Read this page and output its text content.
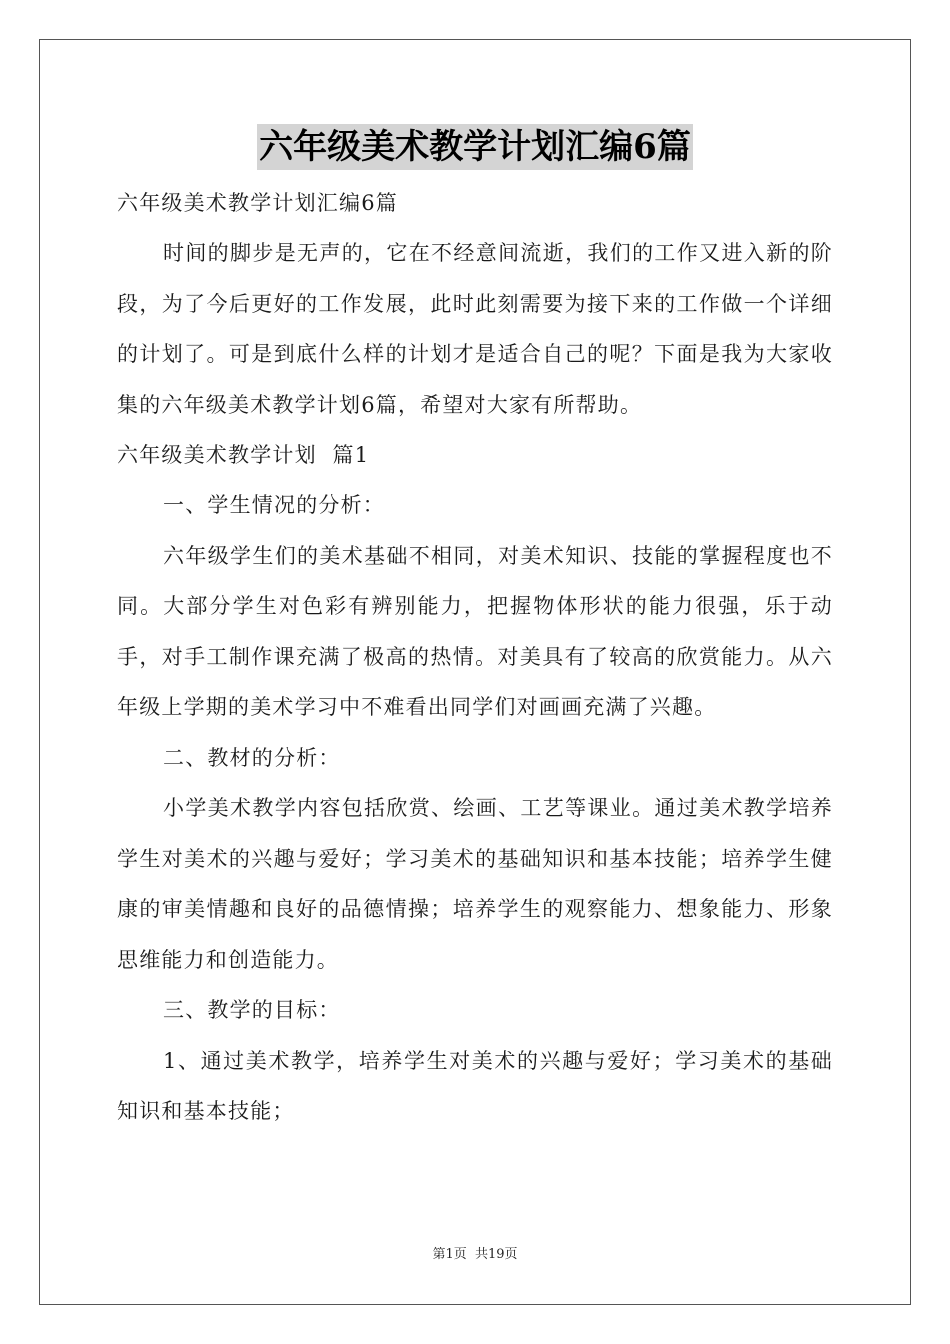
六年级美术教学计划汇编6篇

六年级美术教学计划汇编6篇

时间的脚步是无声的，它在不经意间流逝，我们的工作又进入新的阶段，为了今后更好的工作发展，此时此刻需要为接下来的工作做一个详细的计划了。可是到底什么样的计划才是适合自己的呢？下面是我为大家收集的六年级美术教学计划6篇，希望对大家有所帮助。

六年级美术教学计划  篇1

一、学生情况的分析：

六年级学生们的美术基础不相同，对美术知识、技能的掌握程度也不同。大部分学生对色彩有辨别能力，把握物体形状的能力很强，乐于动手，对手工制作课充满了极高的热情。对美具有了较高的欣赏能力。从六年级上学期的美术学习中不难看出同学们对画画充满了兴趣。

二、教材的分析：

小学美术教学内容包括欣赏、绘画、工艺等课业。通过美术教学培养学生对美术的兴趣与爱好；学习美术的基础知识和基本技能；培养学生健康的审美情趣和良好的品德情操；培养学生的观察能力、想象能力、形象思维能力和创造能力。

三、教学的目标：

1、通过美术教学，培养学生对美术的兴趣与爱好；学习美术的基础知识和基本技能；

第1页  共19页
